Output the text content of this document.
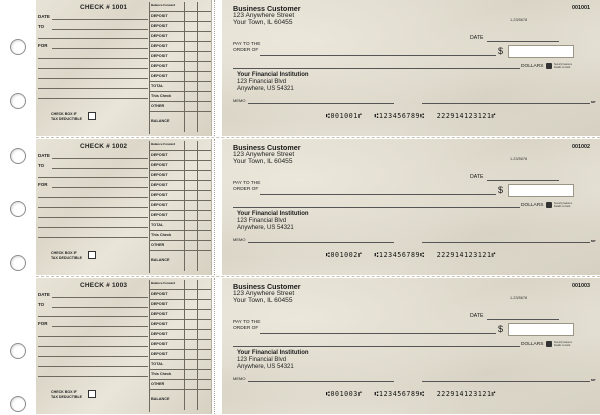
CHECK # 1001
DATE
TO
FOR
CHECK BOX IF
TAX DEDUCTIBLE
Balance Forward
DEPOSIT
DEPOSIT
DEPOSIT
DEPOSIT
DEPOSIT
DEPOSIT
DEPOSIT
TOTAL
This Check
OTHER
BALANCE
Business Customer
123 Anywhere Street
Your Town, IL 60455	1-23/5678
001001
DATE
PAY TO THE
ORDER OF	$
DOLLARS	Security features
Details on back
Your Financial Institution
123 Financial Blvd
Anywhere, US 54321
MEMO	MP
⑆001001⑈ ⑆123456789⑆ 222914123121⑈
CHECK # 1002
DATE
TO
FOR
CHECK BOX IF
TAX DEDUCTIBLE
Balance Forward
DEPOSIT
DEPOSIT
DEPOSIT
DEPOSIT
DEPOSIT
DEPOSIT
DEPOSIT
TOTAL
This Check
OTHER
BALANCE
Business Customer
123 Anywhere Street
Your Town, IL 60455	1-23/5678
001002
DATE
PAY TO THE
ORDER OF	$
DOLLARS	Security features
Details on back
Your Financial Institution
123 Financial Blvd
Anywhere, US 54321
MEMO	MP
⑆001002⑈ ⑆123456789⑆ 222914123121⑈
CHECK # 1003
DATE
TO
FOR
CHECK BOX IF
TAX DEDUCTIBLE
Balance Forward
DEPOSIT
DEPOSIT
DEPOSIT
DEPOSIT
DEPOSIT
DEPOSIT
DEPOSIT
TOTAL
This Check
OTHER
BALANCE
Business Customer
123 Anywhere Street
Your Town, IL 60455	1-23/5678
001003
DATE
PAY TO THE
ORDER OF	$
DOLLARS	Security features
Details on back
Your Financial Institution
123 Financial Blvd
Anywhere, US 54321
MEMO	MP
⑆001003⑈ ⑆123456789⑆ 222914123121⑈
